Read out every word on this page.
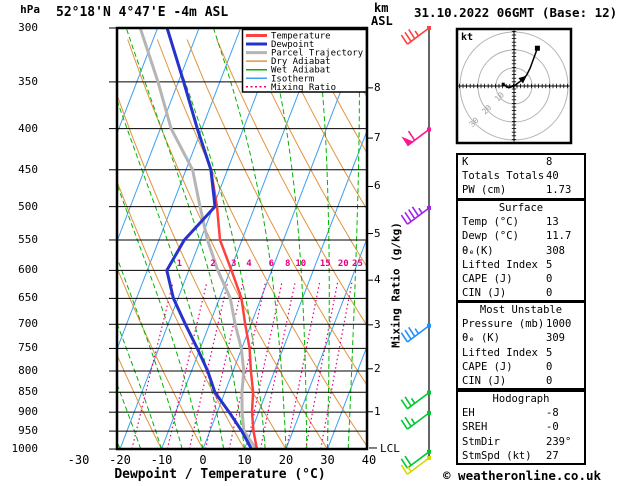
hPa 52°18'N 4°47'E -4m ASL	km
ASL
31.10.2022 06GMT (Base: 12)
1	2 3 4 6 8 10 15 20 25
Temperature
Dewpoint
Parcel Trajectory
Dry Adiabat
Wet Adiabat
Isotherm
Mixing Ratio
10
20
30
kt
300
350
400
450
500
550
600
650
700
750
800
850
900
950
1000
-30 -20 -10 0	10 20 30 40
8
7
6
5
4
3
2
1
LCL
Mixing Ratio (g/kg)
Dewpoint / Temperature (°C)
K	8
Totals Totals 40
PW (cm)	1.73
Surface
Temp (°C)	13
Dewp (°C)	11.7
θₑ(K)	308
Lifted Index 5
CAPE (J)	0
CIN (J)	0
Most Unstable
Pressure (mb) 1000
θₑ (K)	309
Lifted Index 5
CAPE (J)	0
CIN (J)	0
Hodograph
EH	-8
SREH	-0
StmDir	239°
StmSpd (kt) 27
© weatheronline.co.uk
